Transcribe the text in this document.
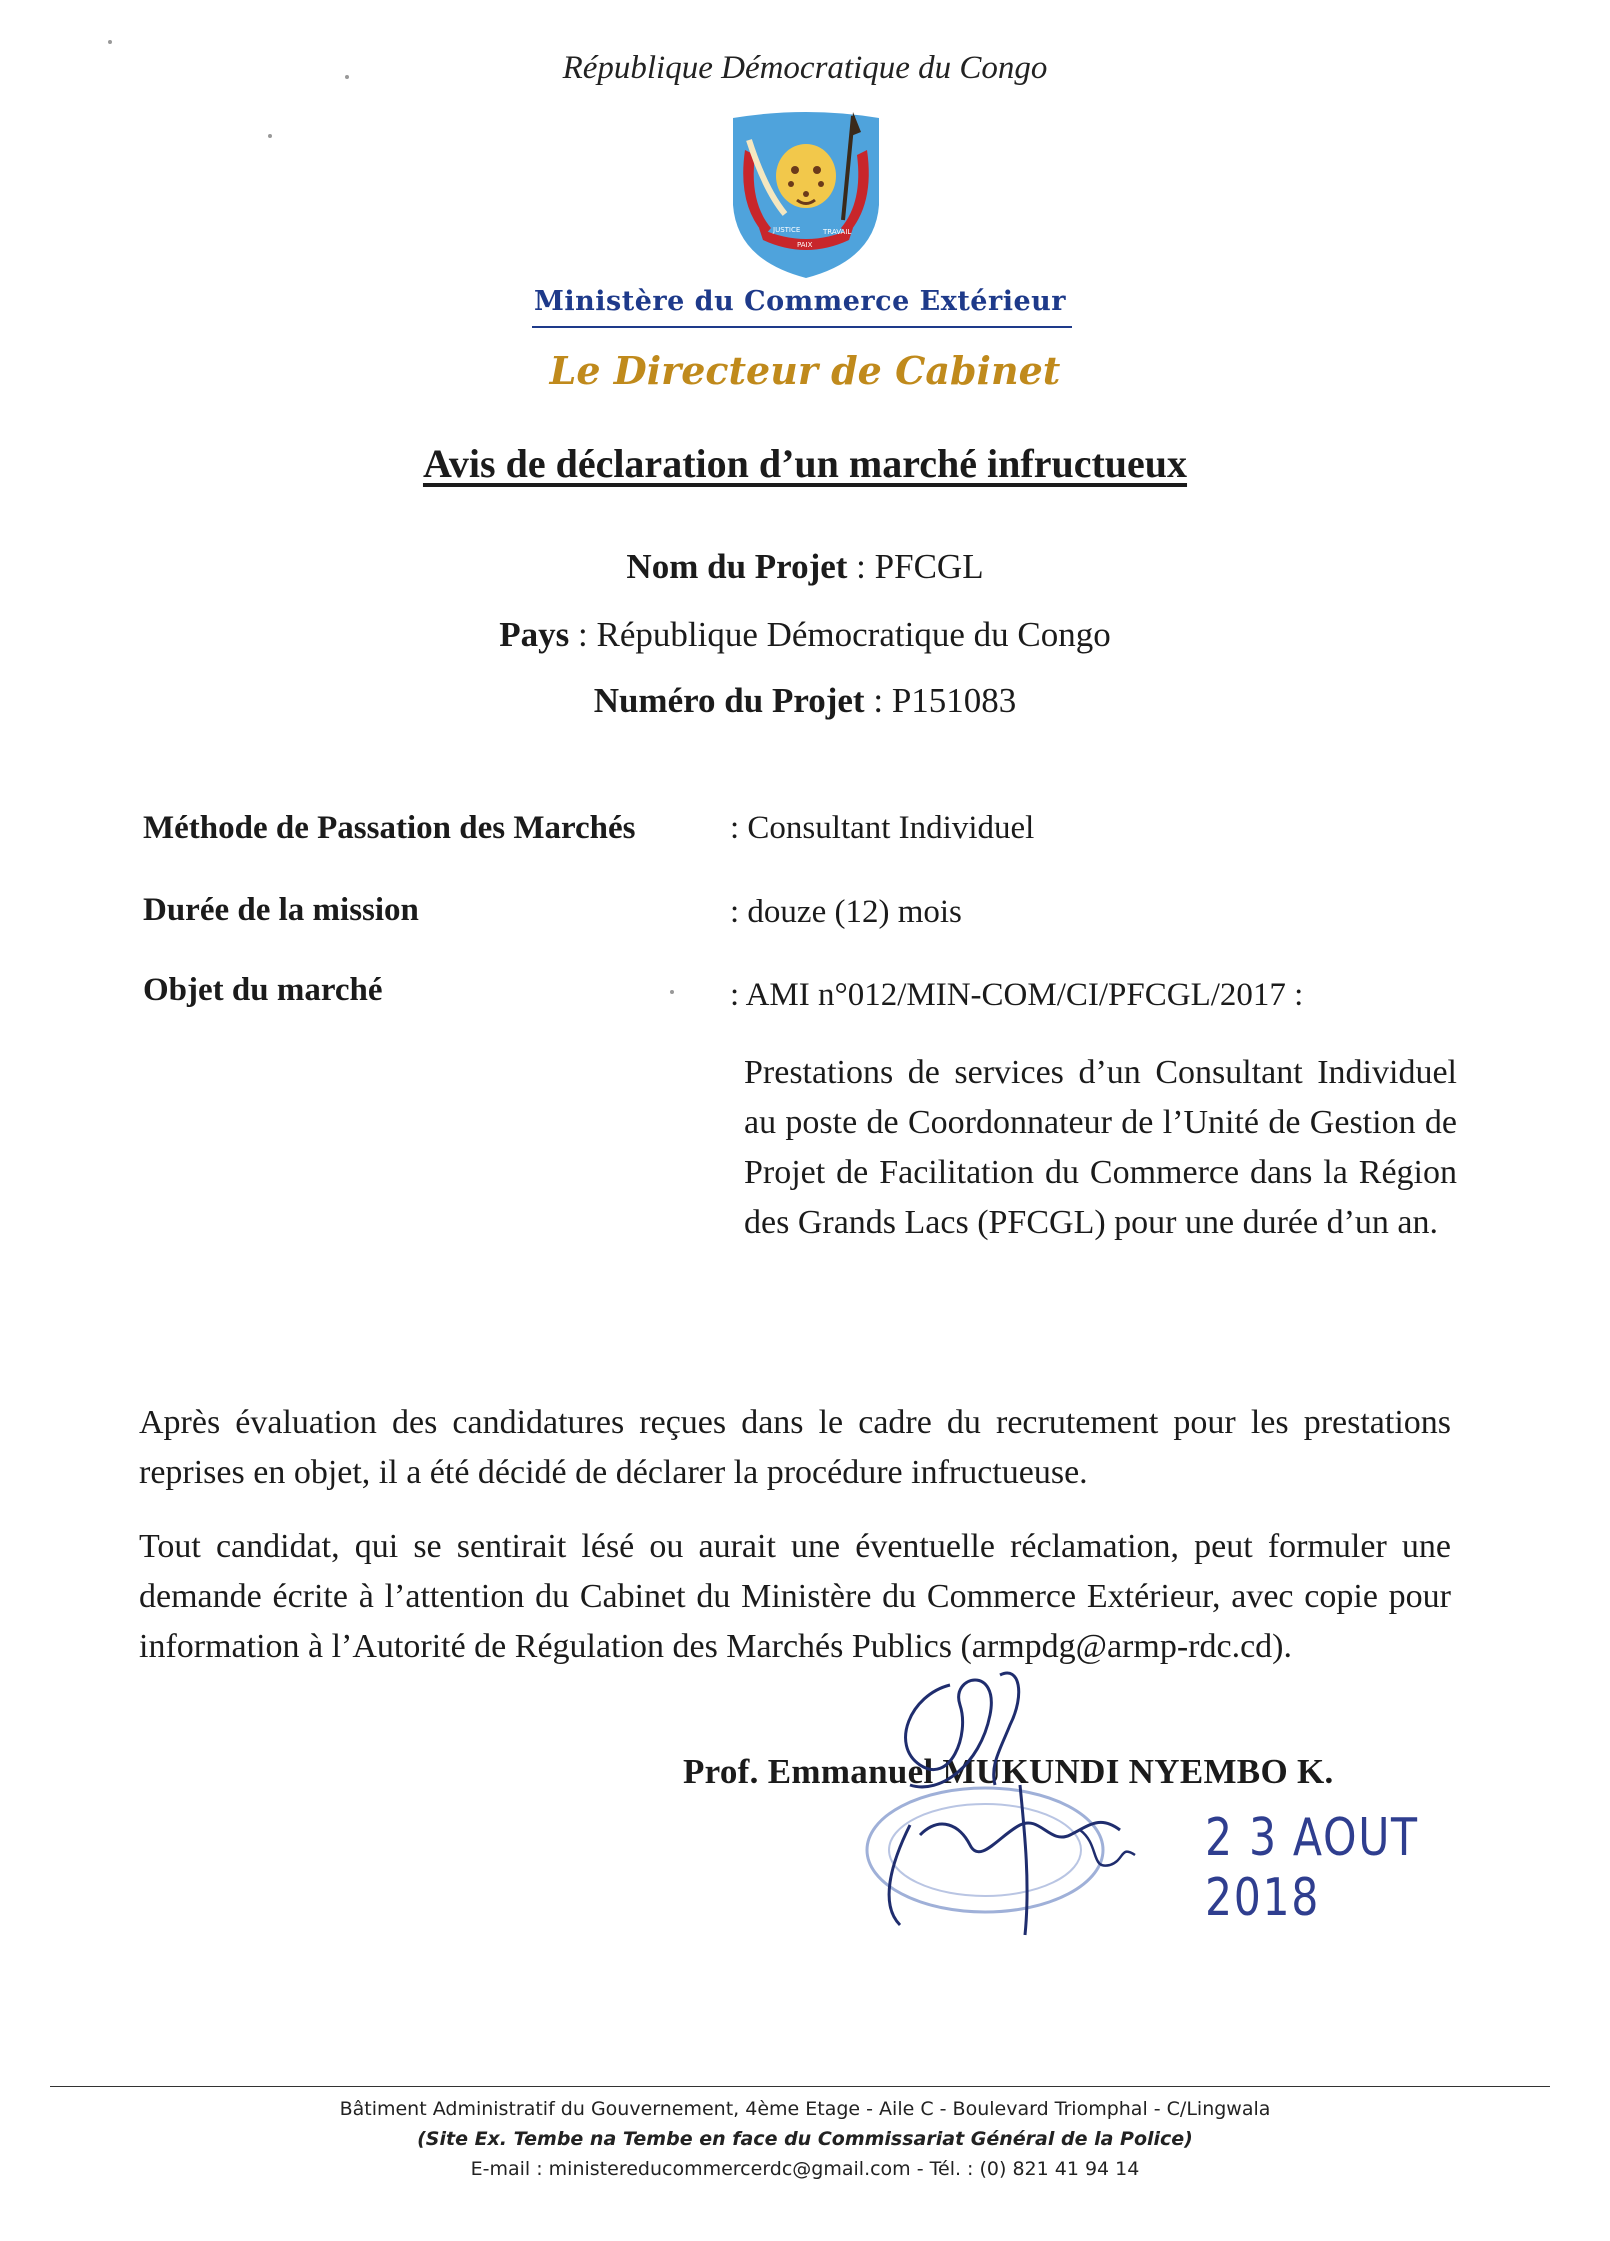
République Démocratique du Congo
JUSTICE
PAIX
TRAVAIL
Ministère du Commerce Extérieur
Le Directeur de Cabinet
Avis de déclaration d’un marché infructueux
Nom du Projet : PFCGL
Pays : République Démocratique du Congo
Numéro du Projet : P151083
Méthode de Passation des Marchés	: Consultant Individuel
Durée de la mission	: douze (12) mois
Objet du marché	: AMI n°012/MIN-COM/CI/PFCGL/2017 :
Prestations de services d’un Consultant Individuel au poste de Coordonnateur de l’Unité de Gestion de Projet de Facilitation du Commerce dans la Région des Grands Lacs (PFCGL) pour une durée d’un an.
Après évaluation des candidatures reçues dans le cadre du recrutement pour les prestations reprises en objet, il a été décidé de déclarer la procédure infructueuse.
Tout candidat, qui se sentirait lésé ou aurait une éventuelle réclamation, peut formuler une demande écrite à l’attention du Cabinet du Ministère du Commerce Extérieur, avec copie pour information à l’Autorité de Régulation des Marchés Publics (armpdg@armp-rdc.cd).
Prof. Emmanuel MUKUNDI NYEMBO K.
2 3 AOUT 2018
Bâtiment Administratif du Gouvernement, 4ème Etage - Aile C - Boulevard Triomphal - C/Lingwala
(Site Ex. Tembe na Tembe en face du Commissariat Général de la Police)
E-mail : ministereducommercerdc@gmail.com - Tél. : (0) 821 41 94 14
